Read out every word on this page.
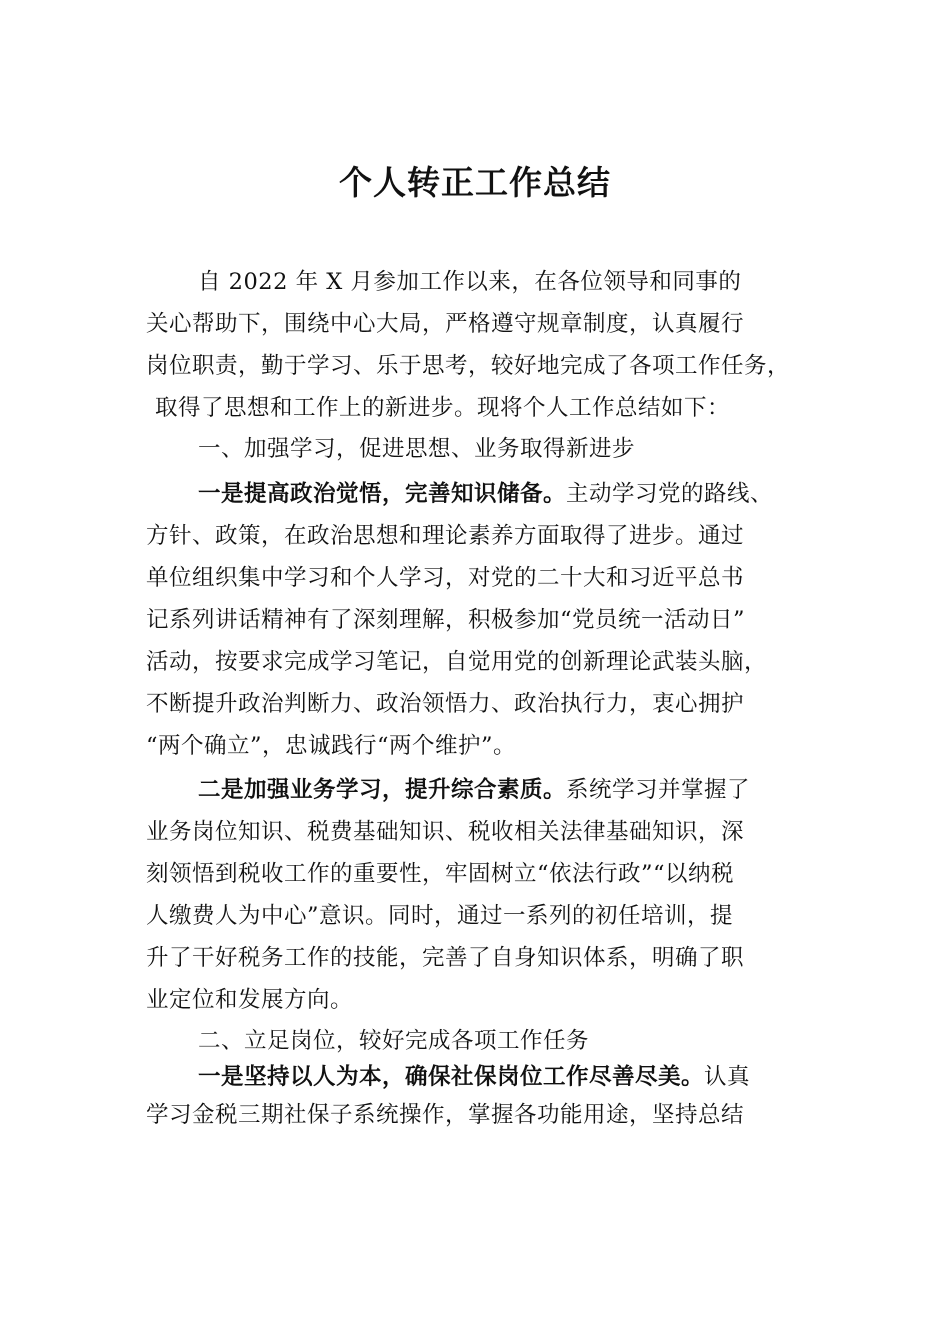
个人转正工作总结
自 2022 年 X 月参加工作以来，在各位领导和同事的
关心帮助下，围绕中心大局，严格遵守规章制度，认真履行
岗位职责，勤于学习、乐于思考，较好地完成了各项工作任务，
取得了思想和工作上的新进步。现将个人工作总结如下：
一、加强学习，促进思想、业务取得新进步
一是提高政治觉悟，完善知识储备。主动学习党的路线、
方针、政策，在政治思想和理论素养方面取得了进步。通过
单位组织集中学习和个人学习，对党的二十大和习近平总书
记系列讲话精神有了深刻理解，积极参加“党员统一活动日”
活动，按要求完成学习笔记，自觉用党的创新理论武装头脑，
不断提升政治判断力、政治领悟力、政治执行力，衷心拥护
“两个确立”，忠诚践行“两个维护”。
二是加强业务学习，提升综合素质。系统学习并掌握了
业务岗位知识、税费基础知识、税收相关法律基础知识，深
刻领悟到税收工作的重要性，牢固树立“依法行政”“以纳税
人缴费人为中心”意识。同时，通过一系列的初任培训，提
升了干好税务工作的技能，完善了自身知识体系，明确了职
业定位和发展方向。
二、立足岗位，较好完成各项工作任务
一是坚持以人为本，确保社保岗位工作尽善尽美。认真
学习金税三期社保子系统操作，掌握各功能用途，坚持总结
